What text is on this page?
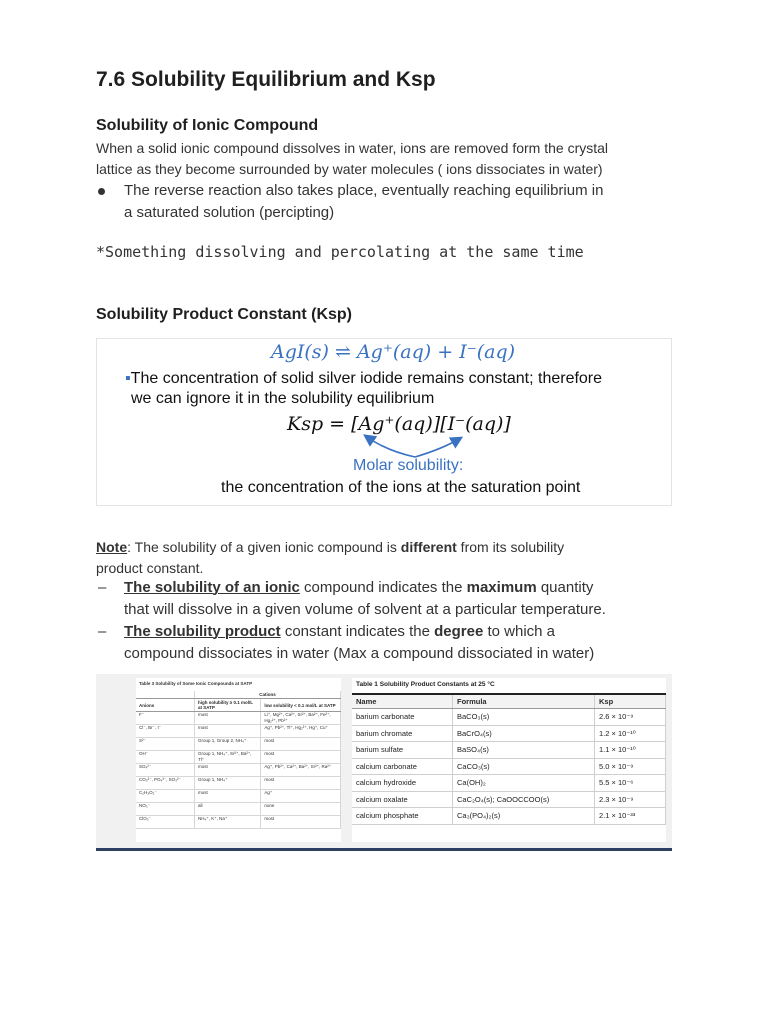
7.6 Solubility Equilibrium and Ksp
Solubility of Ionic Compound
When a solid ionic compound dissolves in water, ions are removed form the crystal
lattice as they become surrounded by water molecules ( ions dissociates in water)
The reverse reaction also takes place, eventually reaching equilibrium in
a saturated solution (percipting)
*Something dissolving and percolating at the same time
Solubility Product Constant (Ksp)
AgI(s) ⇌ Ag⁺(aq) + I⁻(aq)
▪The concentration of solid silver iodide remains constant; therefore
we can ignore it in the solubility equilibrium
Ksp = [Ag⁺(aq)][I⁻(aq)]
Molar solubility:
the concentration of the ions at the saturation point
Note: The solubility of a given ionic compound is different from its solubility
product constant.
–	The solubility of an ionic compound indicates the maximum quantity
that will dissolve in a given volume of solvent at a particular temperature.
–	The solubility product constant indicates the degree to which a
compound dissociates in water (Max a compound dissociated in water)
Table 3 Solubility of Some Ionic Compounds at SATP
	Cations	
Anions	high solubility ≥ 0.1 mol/L at SATP	low solubility < 0.1 mol/L at SATP
F⁻	most	Li⁺, Mg²⁺, Ca²⁺, Sr²⁺, Ba²⁺, Fe²⁺, Hg₂²⁺, Pb²⁺
Cl⁻, Br⁻, I⁻	most	Ag⁺, Pb²⁺, Tl⁺, Hg₂²⁺, Hg⁺, Cu⁺
S²⁻	Group 1, Group 2, NH₄⁺	most
OH⁻	Group 1, NH₄⁺, Sr²⁺, Ba²⁺, Tl⁺	most
SO₄²⁻	most	Ag⁺, Pb²⁺, Ca²⁺, Ba²⁺, Sr²⁺, Ra²⁺
CO₃²⁻, PO₄³⁻, SO₃²⁻	Group 1, NH₄⁺	most
C₂H₃O₂⁻	most	Ag⁺
NO₃⁻	all	none
ClO₃⁻	NH₄⁺, K⁺, Na⁺	most
Table 1 Solubility Product Constants at 25 °C
Name	Formula	Ksp
barium carbonate	BaCO₃(s)	2.6 × 10⁻⁹
barium chromate	BaCrO₄(s)	1.2 × 10⁻¹⁰
barium sulfate	BaSO₄(s)	1.1 × 10⁻¹⁰
calcium carbonate	CaCO₃(s)	5.0 × 10⁻⁹
calcium hydroxide	Ca(OH)₂	5.5 × 10⁻⁶
calcium oxalate	CaC₂O₄(s); CaOOCCOO(s)	2.3 × 10⁻⁹
calcium phosphate	Ca₃(PO₄)₂(s)	2.1 × 10⁻³³
